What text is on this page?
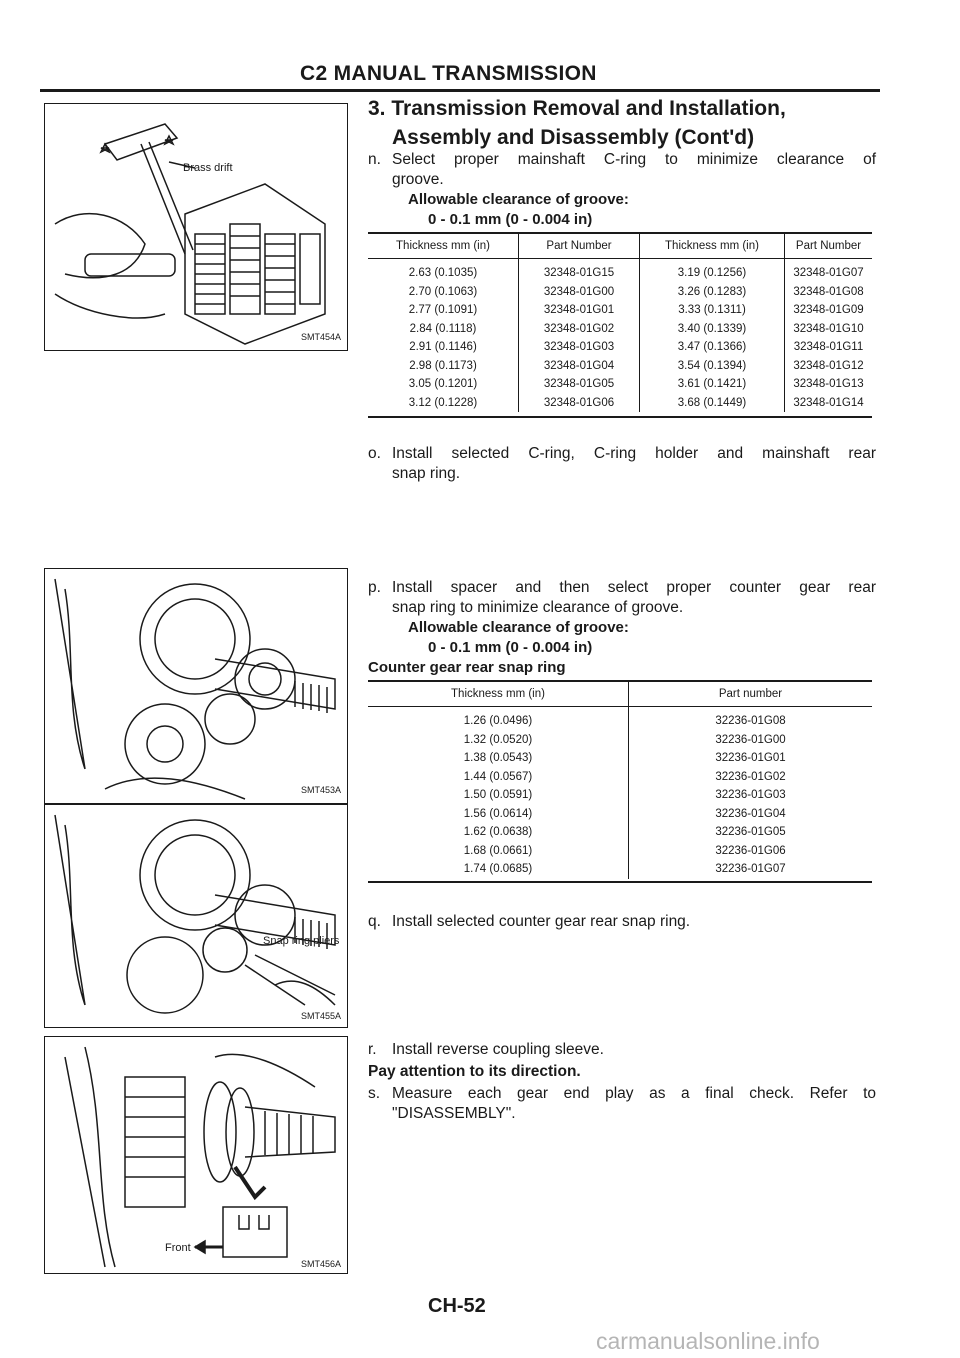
C2 MANUAL TRANSMISSION
3. Transmission Removal and Installation,
Assembly and Disassembly (Cont'd)
n. Select proper mainshaft C-ring to minimize clearance of
groove.
Allowable clearance of groove:
0 - 0.1 mm (0 - 0.004 in)
Thickness mm (in)	Part Number	Thickness mm (in)	Part Number
2.63 (0.1035)	32348-01G15	3.19 (0.1256)	32348-01G07
2.70 (0.1063)	32348-01G00	3.26 (0.1283)	32348-01G08
2.77 (0.1091)	32348-01G01	3.33 (0.1311)	32348-01G09
2.84 (0.1118)	32348-01G02	3.40 (0.1339)	32348-01G10
2.91 (0.1146)	32348-01G03	3.47 (0.1366)	32348-01G11
2.98 (0.1173)	32348-01G04	3.54 (0.1394)	32348-01G12
3.05 (0.1201)	32348-01G05	3.61 (0.1421)	32348-01G13
3.12 (0.1228)	32348-01G06	3.68 (0.1449)	32348-01G14
o. Install selected C-ring, C-ring holder and mainshaft rear
snap ring.
p. Install spacer and then select proper counter gear rear
snap ring to minimize clearance of groove.
Allowable clearance of groove:
0 - 0.1 mm (0 - 0.004 in)
Counter gear rear snap ring
Thickness mm (in)	Part number
1.26 (0.0496)	32236-01G08
1.32 (0.0520)	32236-01G00
1.38 (0.0543)	32236-01G01
1.44 (0.0567)	32236-01G02
1.50 (0.0591)	32236-01G03
1.56 (0.0614)	32236-01G04
1.62 (0.0638)	32236-01G05
1.68 (0.0661)	32236-01G06
1.74 (0.0685)	32236-01G07
q. Install selected counter gear rear snap ring.
r. Install reverse coupling sleeve.
Pay attention to its direction.
s. Measure each gear end play as a final check. Refer to
"DISASSEMBLY".
Brass drift
SMT454A
SMT453A
Snap ring pliers
SMT455A
Front
SMT456A
CH-52
carmanualsonline.info
